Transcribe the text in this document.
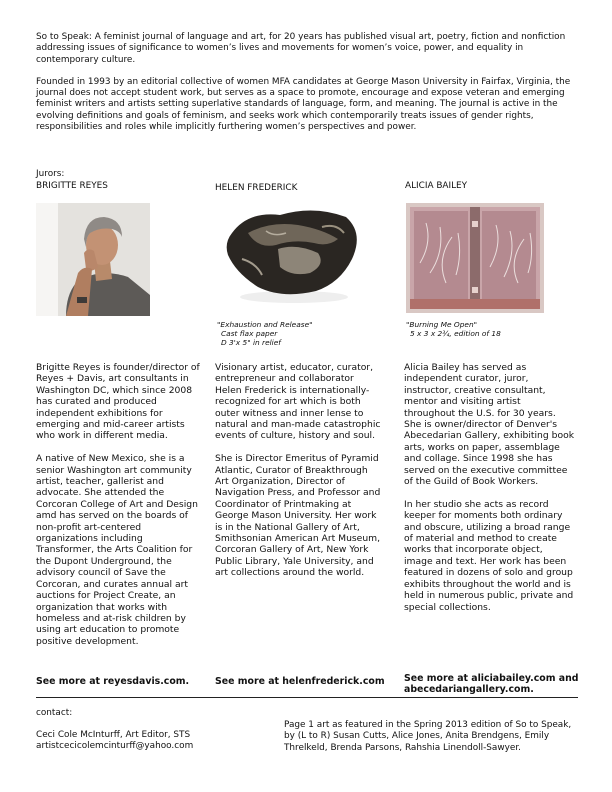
So to Speak: A feminist journal of language and art, for 20 years has published visual art, poetry, fiction and nonfiction addressing issues of significance to women’s lives and movements for women’s voice, power, and equality in contemporary culture.

Founded in 1993 by an editorial collective of women MFA candidates at George Mason University in Fairfax, Virginia, the journal does not accept student work, but serves as a space to promote, encourage and expose veteran and emerging feminist writers and artists setting superlative standards of language, form, and meaning. The journal is active in the evolving definitions and goals of feminism, and seeks work which contemporarily treats issues of gender rights, responsibilities and roles while implicitly furthering women’s perspectives and power.

Jurors:

BRIGITTE REYES	HELEN FREDERICK	ALICIA BAILEY

"Exhaustion and Release"
Cast flax paper
D 3'x 5" in relief
"Burning Me Open"
5 x 3 x 2¾, edition of 18

Brigitte Reyes is founder/director of Reyes + Davis, art consultants in Washington DC, which since 2008 has curated and produced independent exhibitions for emerging and mid-career artists who work in different media.

A native of New Mexico, she is a senior Washington art community artist, teacher, gallerist and advocate. She attended the Corcoran College of Art and Design amd has served on the boards of non-profit art-centered organizations including Transformer, the Arts Coalition for the Dupont Underground, the advisory council of Save the Corcoran, and curates annual art auctions for Project Create, an organization that works with homeless and at-risk children by using art education to promote positive development.

Visionary artist, educator, curator, entrepreneur and collaborator Helen Frederick is internationally-recognized for art which is both outer witness and inner lense to natural and man-made catastrophic events of culture, history and soul.

She is Director Emeritus of Pyramid Atlantic, Curator of Breakthrough Art Organization, Director of Navigation Press, and Professor and Coordinator of Printmaking at George Mason University. Her work is in the National Gallery of Art, Smithsonian American Art Museum, Corcoran Gallery of Art, New York Public Library, Yale University, and art collections around the world.

Alicia Bailey has served as independent curator, juror, instructor, creative consultant, mentor and visiting artist throughout the U.S. for 30 years. She is owner/director of Denver's Abecedarian Gallery, exhibiting book arts, works on paper, assemblage and collage. Since 1998 she has served on the executive committee of the Guild of Book Workers.

In her studio she acts as record keeper for moments both ordinary and obscure, utilizing a broad range of material and method to create works that incorporate object, image and text. Her work has been featured in dozens of solo and group exhibits throughout the world and is held in numerous public, private and special collections.

See more at reyesdavis.com.	See more at helenfrederick.com See more at aliciabailey.com and abecedariangallery.com.
contact:
Ceci Cole McInturff, Art Editor, STS
artistcecicolemcinturff@yahoo.com
Page 1 art as featured in the Spring 2013 edition of So to Speak, by (L to R) Susan Cutts, Alice Jones, Anita Brendgens, Emily Threlkeld, Brenda Parsons, Rahshia Linendoll-Sawyer.
